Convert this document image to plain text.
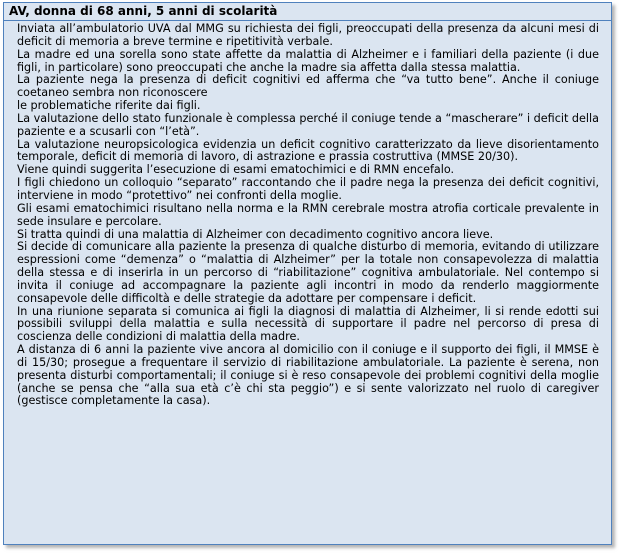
AV, donna di 68 anni, 5 anni di scolarità

Inviata all’ambulatorio UVA dal MMG su richiesta dei figli, preoccupati della presenza da alcuni mesi di deficit di memoria a breve termine e ripetitività verbale.

La madre ed una sorella sono state affette da malattia di Alzheimer e i familiari della paziente (i due figli, in particolare) sono preoccupati che anche la madre sia affetta dalla stessa malattia.

La paziente nega la presenza di deficit cognitivi ed afferma che “va tutto bene”. Anche il coniuge coetaneo sembra non riconoscere

le problematiche riferite dai figli.

La valutazione dello stato funzionale è complessa perché il coniuge tende a “mascherare” i deficit della paziente e a scusarli con “l’età”.

La valutazione neuropsicologica evidenzia un deficit cognitivo caratterizzato da lieve disorientamento temporale, deficit di memoria di lavoro, di astrazione e prassia costruttiva (MMSE 20/30).

Viene quindi suggerita l’esecuzione di esami ematochimici e di RMN encefalo.

I figli chiedono un colloquio “separato” raccontando che il padre nega la presenza dei deficit cognitivi, interviene in modo “protettivo” nei confronti della moglie.

Gli esami ematochimici risultano nella norma e la RMN cerebrale mostra atrofia corticale prevalente in sede insulare e percolare.

Si tratta quindi di una malattia di Alzheimer con decadimento cognitivo ancora lieve.

Si decide di comunicare alla paziente la presenza di qualche disturbo di memoria, evitando di utilizzare espressioni come “demenza” o “malattia di Alzheimer” per la totale non consapevolezza di malattia della stessa e di inserirla in un percorso di “riabilitazione” cognitiva ambulatoriale. Nel contempo si invita il coniuge ad accompagnare la paziente agli incontri in modo da renderlo maggiormente consapevole delle difficoltà e delle strategie da adottare per compensare i deficit.

In una riunione separata si comunica ai figli la diagnosi di malattia di Alzheimer, li si rende edotti sui possibili sviluppi della malattia e sulla necessità di supportare il padre nel percorso di presa di coscienza delle condizioni di malattia della madre.

A distanza di 6 anni la paziente vive ancora al domicilio con il coniuge e il supporto dei figli, il MMSE è di 15/30; prosegue a frequentare il servizio di riabilitazione ambulatoriale. La paziente è serena, non presenta disturbi comportamentali; il coniuge si è reso consapevole dei problemi cognitivi della moglie (anche se pensa che “alla sua età c’è chi sta peggio”) e si sente valorizzato nel ruolo di caregiver (gestisce completamente la casa).
